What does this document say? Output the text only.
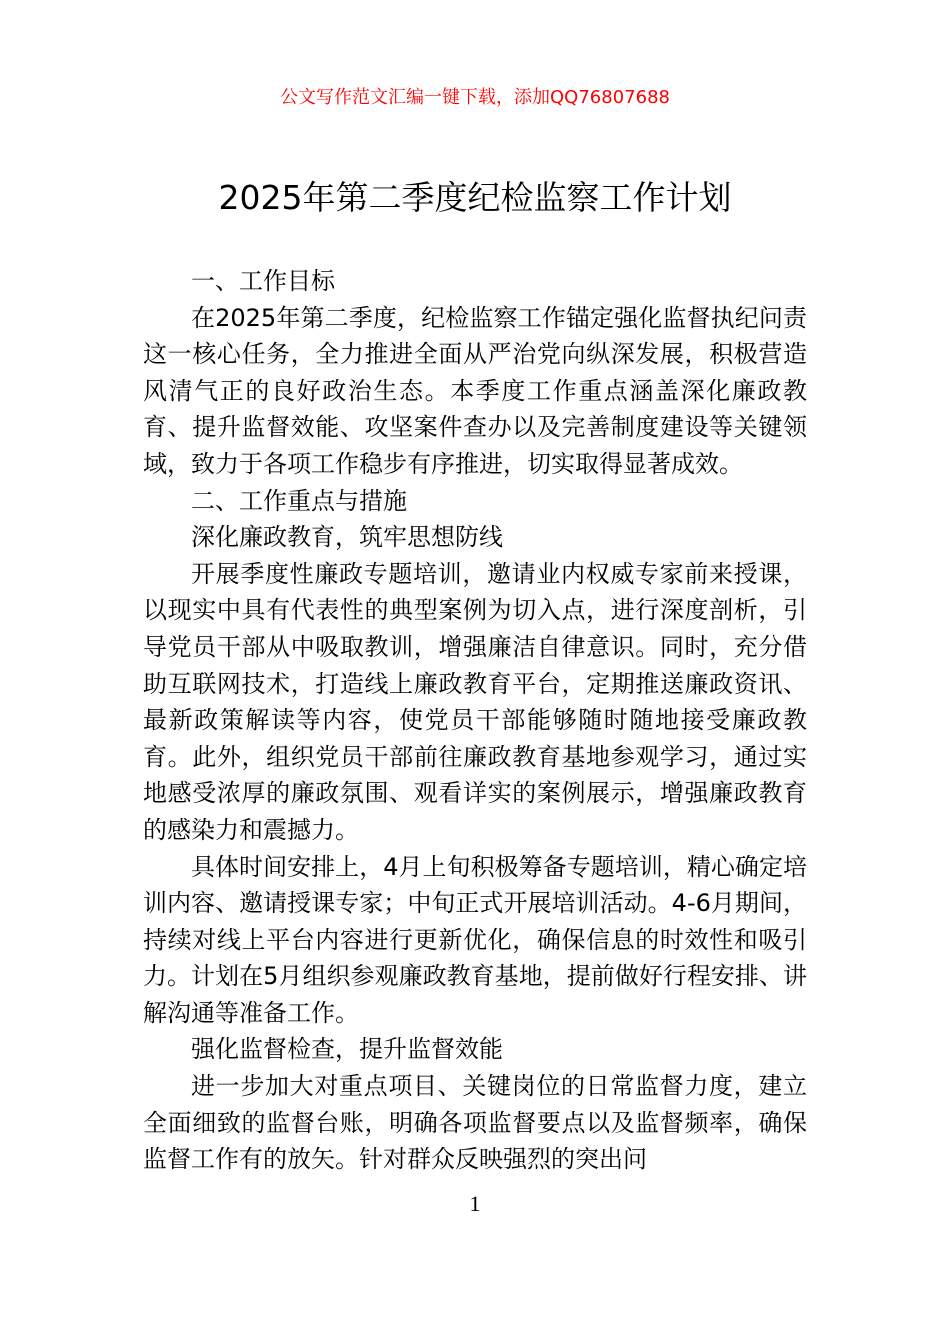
公文写作范文汇编一键下载，添加QQ76807688
2025年第二季度纪检监察工作计划

一、工作目标

在2025年第二季度，纪检监察工作锚定强化监督执纪问责这一核心任务，全力推进全面从严治党向纵深发展，积极营造风清气正的良好政治生态。本季度工作重点涵盖深化廉政教育、提升监督效能、攻坚案件查办以及完善制度建设等关键领域，致力于各项工作稳步有序推进，切实取得显著成效。

二、工作重点与措施

深化廉政教育，筑牢思想防线

开展季度性廉政专题培训，邀请业内权威专家前来授课，以现实中具有代表性的典型案例为切入点，进行深度剖析，引导党员干部从中吸取教训，增强廉洁自律意识。同时，充分借助互联网技术，打造线上廉政教育平台，定期推送廉政资讯、最新政策解读等内容，使党员干部能够随时随地接受廉政教育。此外，组织党员干部前往廉政教育基地参观学习，通过实地感受浓厚的廉政氛围、观看详实的案例展示，增强廉政教育的感染力和震撼力。

具体时间安排上，4月上旬积极筹备专题培训，精心确定培训内容、邀请授课专家；中旬正式开展培训活动。4-6月期间，持续对线上平台内容进行更新优化，确保信息的时效性和吸引力。计划在5月组织参观廉政教育基地，提前做好行程安排、讲解沟通等准备工作。

强化监督检查，提升监督效能

进一步加大对重点项目、关键岗位的日常监督力度，建立全面细致的监督台账，明确各项监督要点以及监督频率，确保监督工作有的放矢。针对群众反映强烈的突出问

1
